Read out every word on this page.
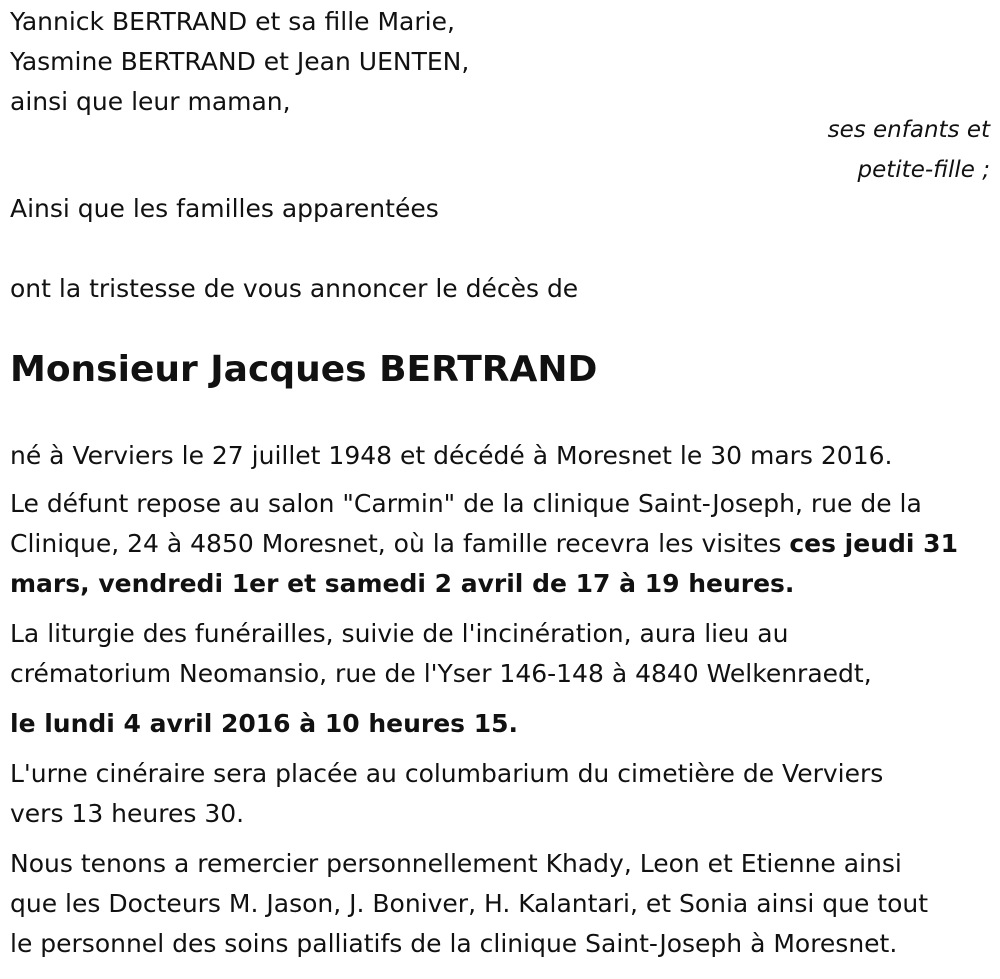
Yannick BERTRAND et sa fille Marie,
Yasmine BERTRAND et Jean UENTEN,
ainsi que leur maman,

ses enfants et
petite-fille ;

Ainsi que les familles apparentées

ont la tristesse de vous annoncer le décès de

Monsieur Jacques BERTRAND

né à Verviers le 27 juillet 1948 et décédé à Moresnet le 30 mars 2016.

Le défunt repose au salon "Carmin" de la clinique Saint-Joseph, rue de la
Clinique, 24 à 4850 Moresnet, où la famille recevra les visites ces jeudi 31
mars, vendredi 1er et samedi 2 avril de 17 à 19 heures.

La liturgie des funérailles, suivie de l'incinération, aura lieu au
crématorium Neomansio, rue de l'Yser 146-148 à 4840 Welkenraedt,

le lundi 4 avril 2016 à 10 heures 15.

L'urne cinéraire sera placée au columbarium du cimetière de Verviers
vers 13 heures 30.

Nous tenons a remercier personnellement Khady, Leon et Etienne ainsi
que les Docteurs M. Jason, J. Boniver, H. Kalantari, et Sonia ainsi que tout
le personnel des soins palliatifs de la clinique Saint-Joseph à Moresnet.
